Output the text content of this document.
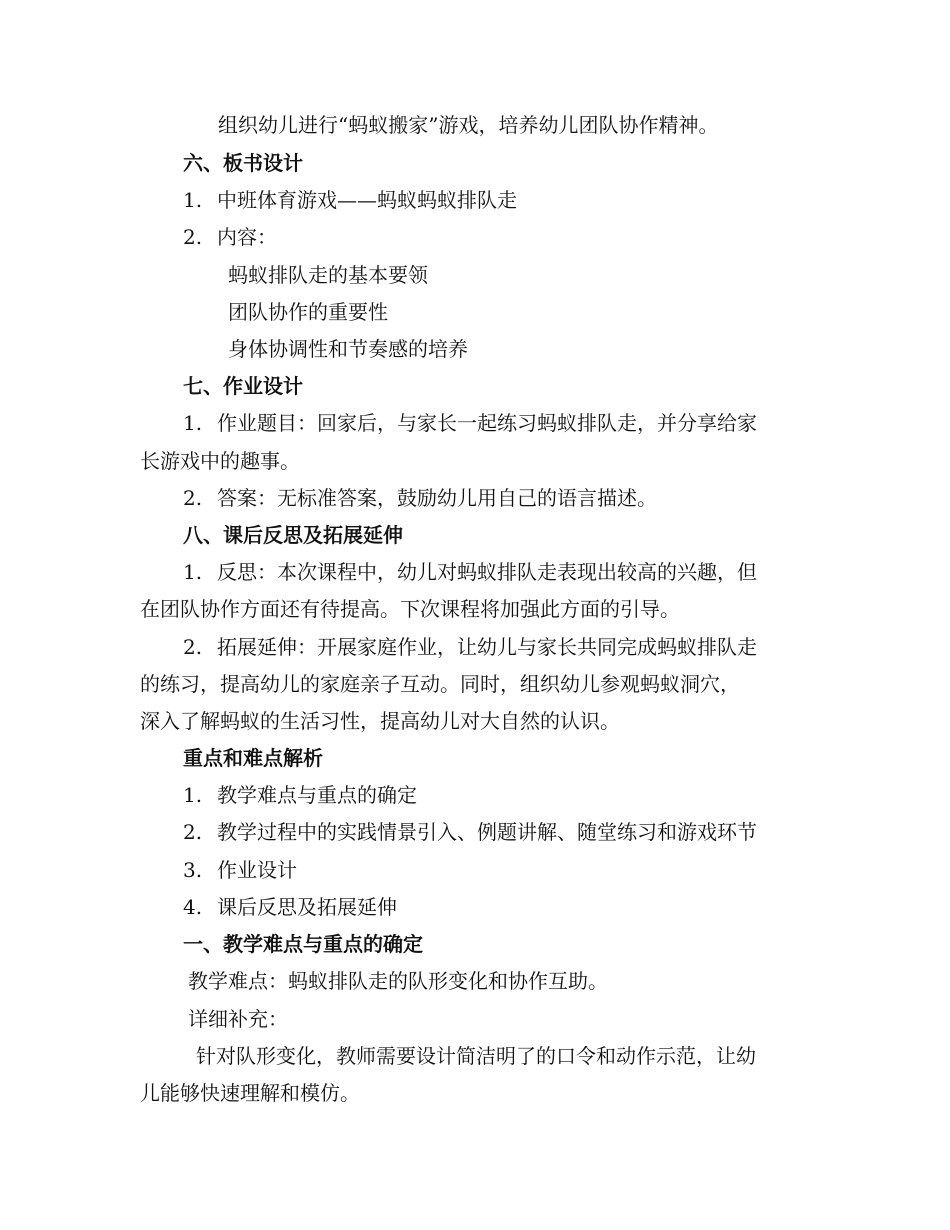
组织幼儿进行“蚂蚁搬家”游戏，培养幼儿团队协作精神。
六、板书设计
1. 中班体育游戏——蚂蚁蚂蚁排队走
2. 内容：
蚂蚁排队走的基本要领
团队协作的重要性
身体协调性和节奏感的培养
七、作业设计
1. 作业题目：回家后，与家长一起练习蚂蚁排队走，并分享给家
长游戏中的趣事。
2. 答案：无标准答案，鼓励幼儿用自己的语言描述。
八、课后反思及拓展延伸
1. 反思：本次课程中，幼儿对蚂蚁排队走表现出较高的兴趣，但
在团队协作方面还有待提高。下次课程将加强此方面的引导。
2. 拓展延伸：开展家庭作业，让幼儿与家长共同完成蚂蚁排队走
的练习，提高幼儿的家庭亲子互动。同时，组织幼儿参观蚂蚁洞穴，
深入了解蚂蚁的生活习性，提高幼儿对大自然的认识。
重点和难点解析
1. 教学难点与重点的确定
2. 教学过程中的实践情景引入、例题讲解、随堂练习和游戏环节
3. 作业设计
4. 课后反思及拓展延伸
一、教学难点与重点的确定
教学难点：蚂蚁排队走的队形变化和协作互助。
详细补充：
针对队形变化，教师需要设计简洁明了的口令和动作示范，让幼
儿能够快速理解和模仿。
